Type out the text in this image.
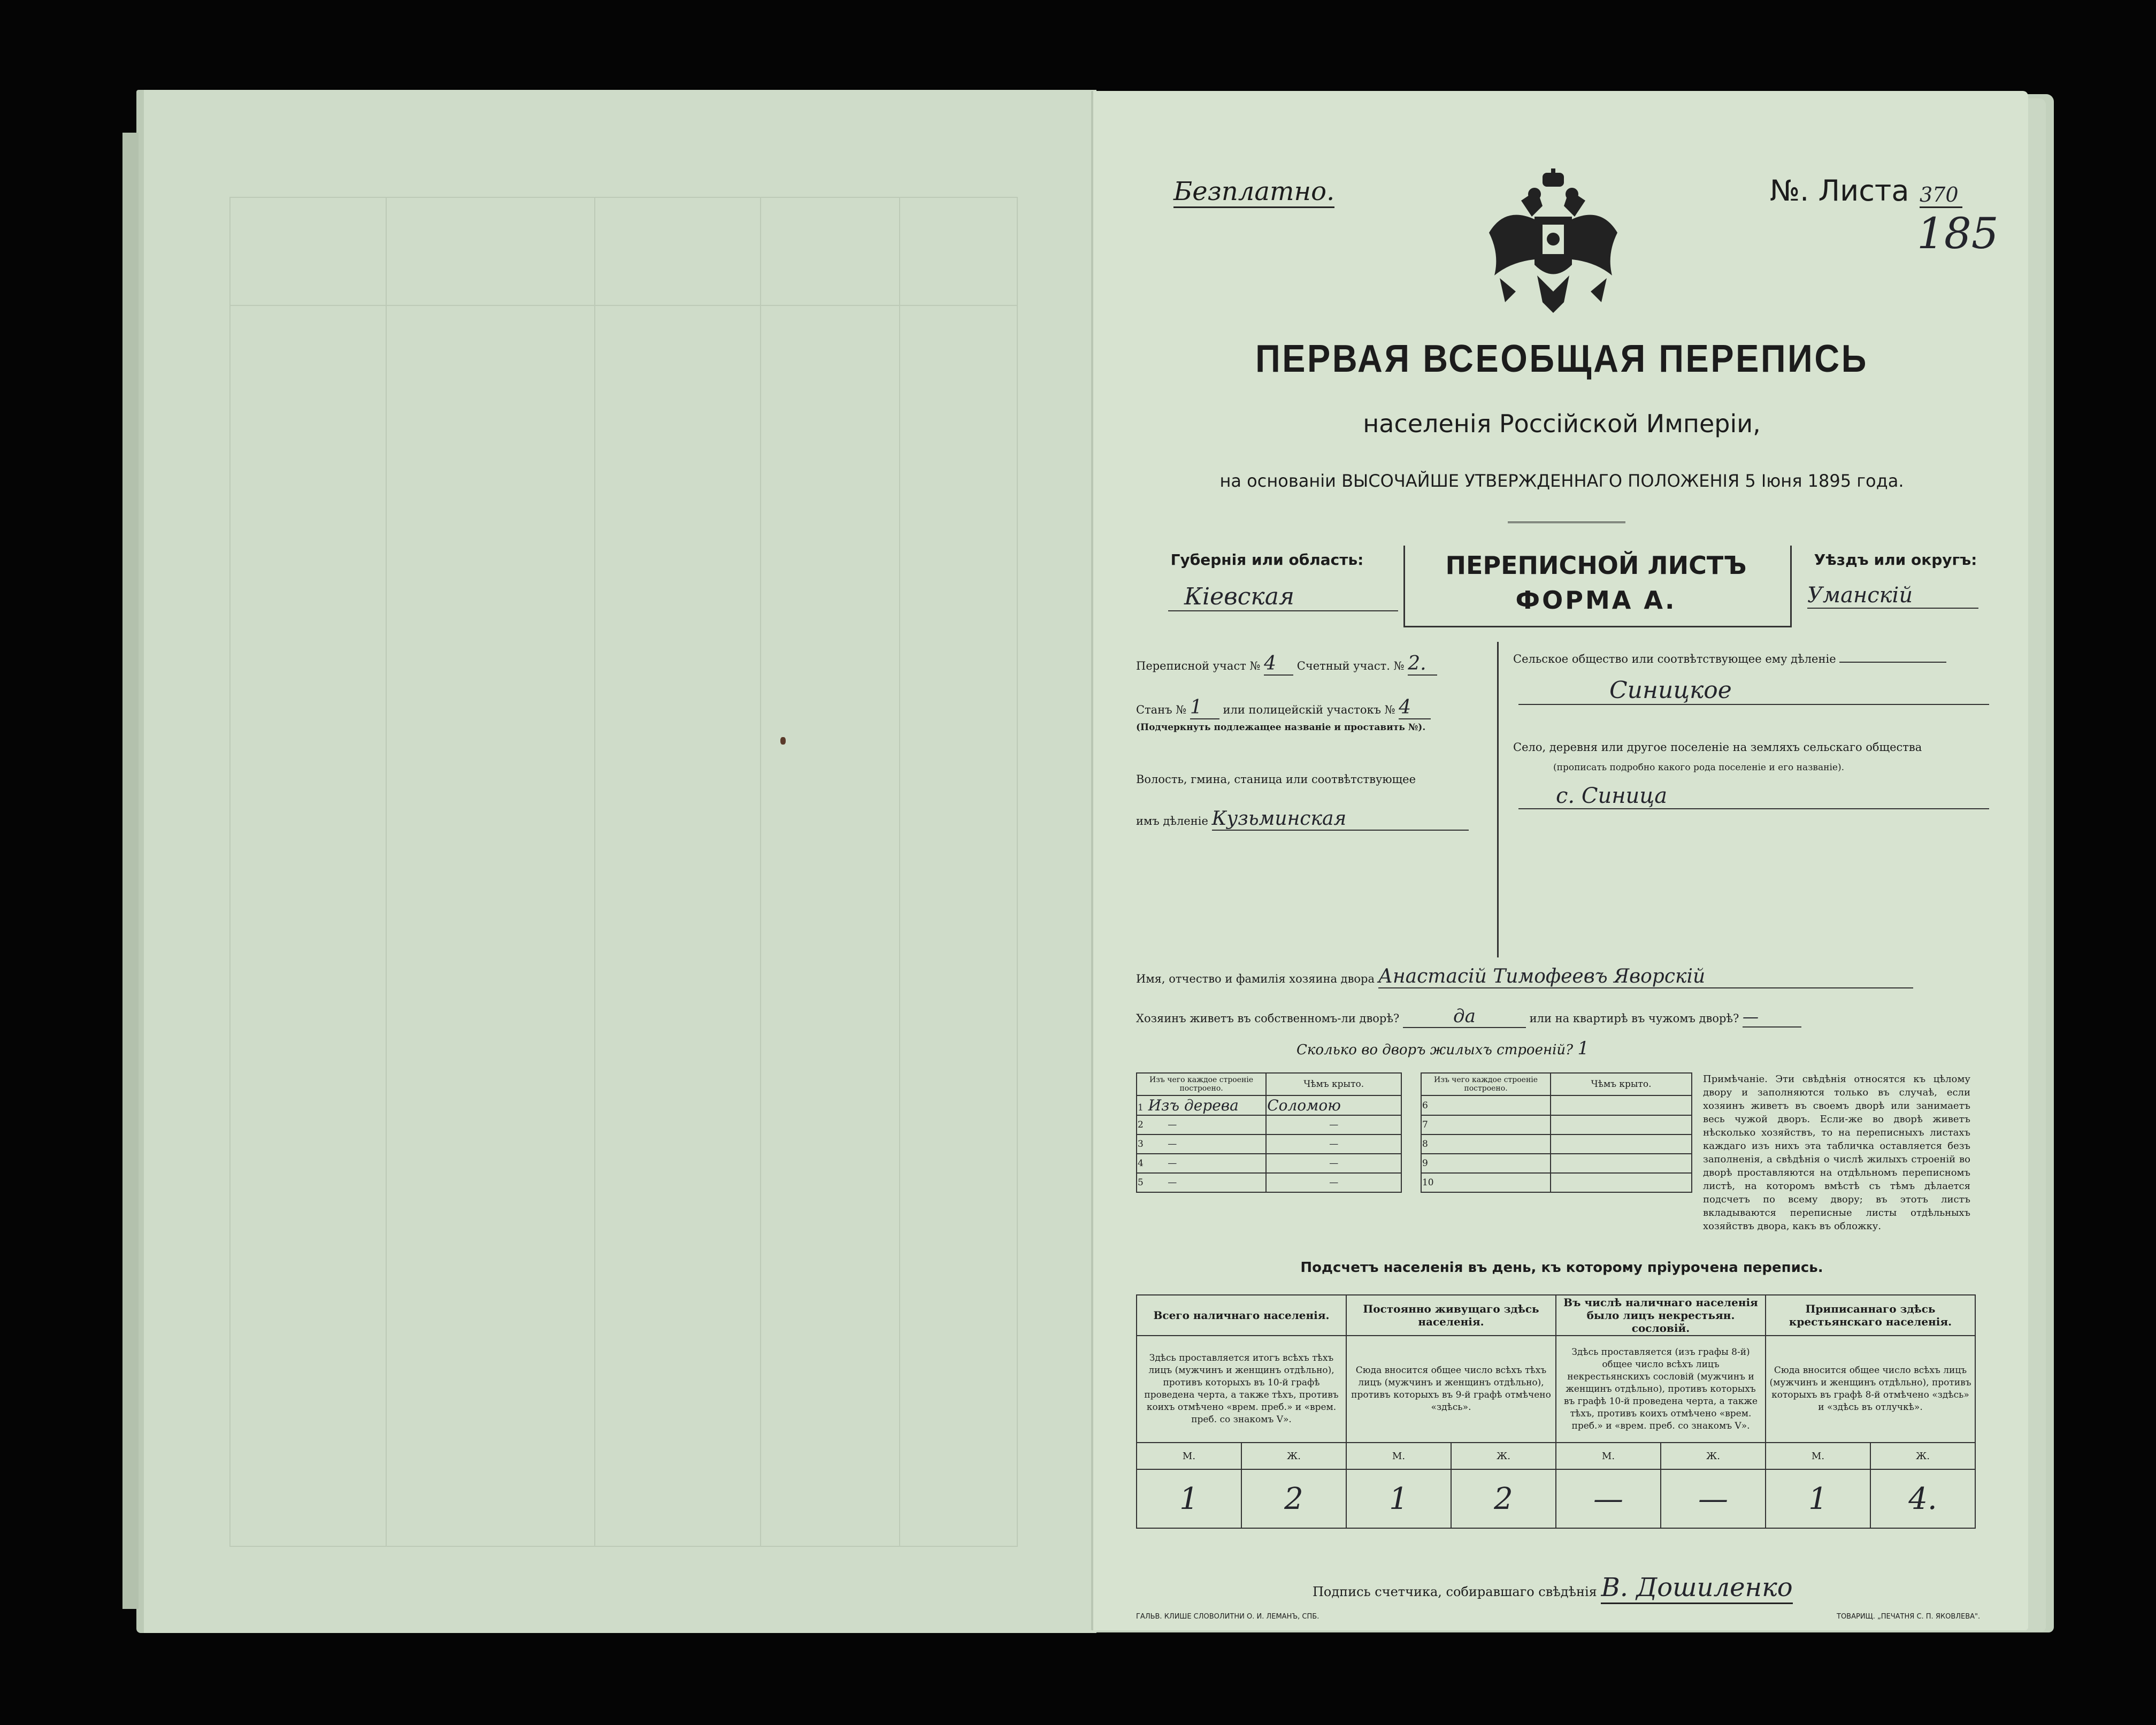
Безплатно.	№. Листа 370
185
ПЕРВАЯ ВСЕОБЩАЯ ПЕРЕПИСЬ
населенія Россійской Имперіи,
на основаніи ВЫСОЧАЙШЕ УТВЕРЖДЕННАГО ПОЛОЖЕНІЯ 5 Іюня 1895 года.
Губернія или область:
Кіевская
ПЕРЕПИСНОЙ ЛИСТЪ
ФОРМА А.
Уѣздъ или округъ:
Уманскій
Переписной участ № 4 Счетный участ. № 2.
Станъ № 1 или полицейскій участокъ № 4
(Подчеркнуть подлежащее названіе и проставить №).
Волость, гмина, станица или соотвѣтствующее
имъ дѣленіе Кузьминская
Сельское общество или соотвѣтствующее ему дѣленіе
Синицкое
Село, деревня или другое поселеніе на земляхъ сельскаго общества
(прописать подробно какого рода поселеніе и его названіе).
с. Синица
Имя, отчество и фамилія хозяина двора Анастасій Тимофеевъ Яворскій
Хозяинъ живетъ въ собственномъ-ли дворѣ?	да	или на квартирѣ въ чужомъ дворѣ? —
Сколько во дворъ жилыхъ строеній? 1
Изъ чего каждое строеніе построено.	Чѣмъ крыто.		Изъ чего каждое строеніе построено.	Чѣмъ крыто.
1 Изъ дерева	Соломою		6	
2 —	—		7	
3 —	—		8	
4 —	—		9	
5 —	—		10	
Примѣчаніе. Эти свѣдѣнія относятся къ цѣлому двору и заполняются только въ случаѣ, если хозяинъ живетъ въ своемъ дворѣ или занимаетъ весь чужой дворъ. Если-же во дворѣ живетъ нѣсколько хозяйствъ, то на переписныхъ листахъ каждаго изъ нихъ эта табличка оставляется безъ заполненія, а свѣдѣнія о числѣ жилыхъ строеній во дворѣ проставляются на отдѣльномъ переписномъ листѣ, на которомъ вмѣстѣ съ тѣмъ дѣлается подсчетъ по всему двору; въ этотъ листъ вкладываются переписные листы отдѣльныхъ хозяйствъ двора, какъ въ обложку.
Подсчетъ населенія въ день, къ которому пріурочена перепись.
Всего наличнаго населенія.		Постоянно живущаго здѣсь населенія.		Въ числѣ наличнаго населенія было лицъ некрестьян. сословій.		Приписаннаго здѣсь крестьянскаго населенія.	
Здѣсь проставляется итогъ всѣхъ тѣхъ лицъ (мужчинъ и женщинъ отдѣльно), противъ которыхъ въ 10-й графѣ проведена черта, а также тѣхъ, противъ коихъ отмѣчено «врем. преб.» и «врем. преб. со знакомъ V».		Сюда вносится общее число всѣхъ тѣхъ лицъ (мужчинъ и женщинъ отдѣльно), противъ которыхъ въ 9-й графѣ отмѣчено «здѣсь».		Здѣсь проставляется (изъ графы 8-й) общее число всѣхъ лицъ некрестьянскихъ сословій (мужчинъ и женщинъ отдѣльно), противъ которыхъ въ графѣ 10-й проведена черта, а также тѣхъ, противъ коихъ отмѣчено «врем. преб.» и «врем. преб. со знакомъ V».		Сюда вносится общее число всѣхъ лицъ (мужчинъ и женщинъ отдѣльно), противъ которыхъ въ графѣ 8-й отмѣчено «здѣсь» и «здѣсь въ отлучкѣ».	
М.	Ж.	М.	Ж.	М.	Ж.	М.	Ж.
1	2	1	2	—	—	1	4.
Подпись счетчика, собиравшаго свѣдѣнія В. Дошиленко
ГАЛЬВ. КЛИШЕ СЛОВОЛИТНИ О. И. ЛЕМАНЪ, СПБ.	ТОВАРИЩ. „ПЕЧАТНЯ С. П. ЯКОВЛЕВА".
